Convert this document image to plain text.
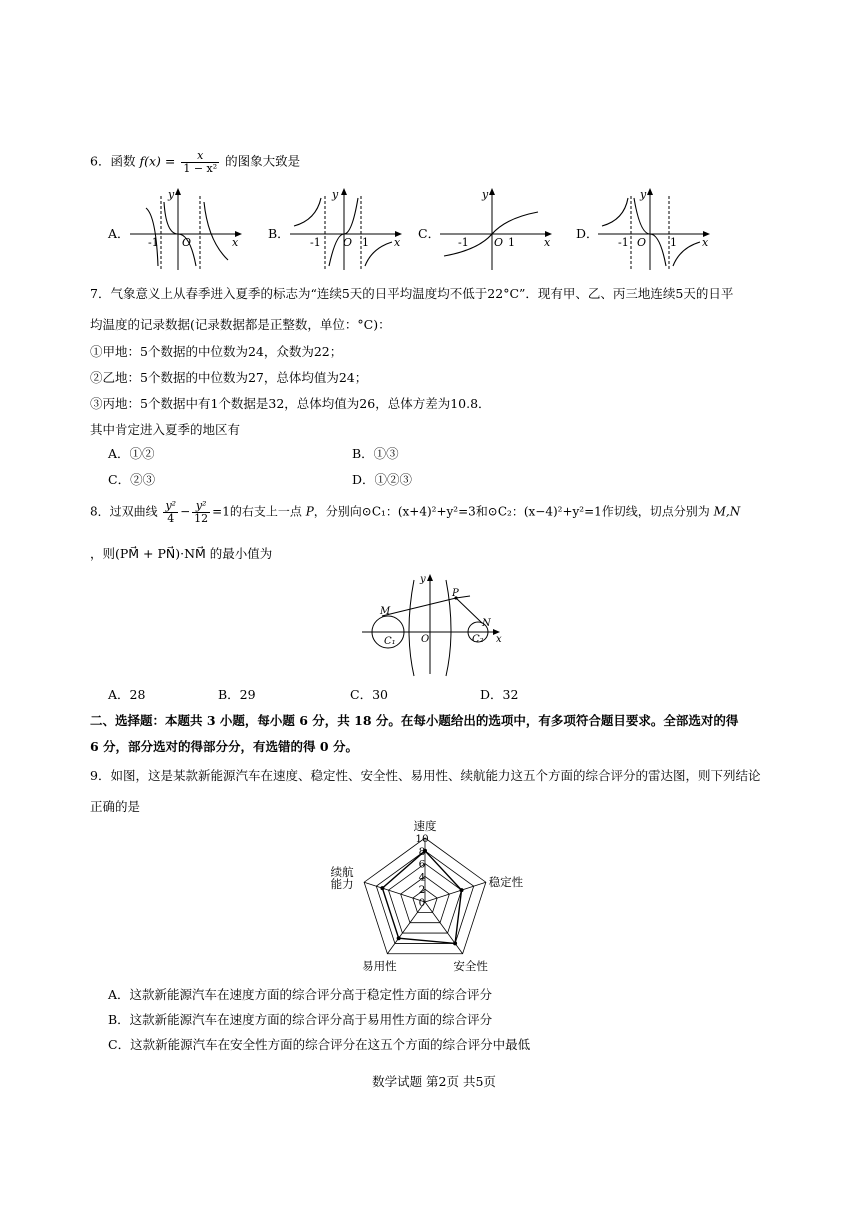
6．函数 $f(x) = \frac{x}{\text{1 − x²}}$ 的图象大致是
A．
-1 O	x
y
B．
-1 O 1 x
y
C．
-1 O 1	x
y
D．
-1 O 1 x
y
7．气象意义上从春季进入夏季的标志为“连续5天的日平均温度均不低于22°C”．现有甲、乙、丙三地连续5天的日平
均温度的记录数据(记录数据都是正整数，单位：°C)：
①甲地：5个数据的中位数为24，众数为22；
②乙地：5个数据的中位数为27，总体均值为24；
③丙地：5个数据中有1个数据是32，总体均值为26，总体方差为10.8．
其中肯定进入夏季的地区有
A．①②	B．①③
C．②③	D．①②③
8．过双曲线 $\frac{\text{y²}}{4} - \frac{\text{y²}}{12} =1$的右支上一点 P，分别向⊙C₁：(x+4)²+y²=3和⊙C₂：(x−4)²+y²=1作切线，切点分别为 M,N
，则(PM⃗ + PN⃗)·NM⃗ 的最小值为
y
x
P
M
N
O
C₁	C₂
A．28	B．29	C．30	D．32
二、选择题：本题共 3 小题，每小题 6 分，共 18 分。在每小题给出的选项中，有多项符合题目要求。全部选对的得
6 分，部分选对的得部分分，有选错的得 0 分。
9．如图，这是某款新能源汽车在速度、稳定性、安全性、易用性、续航能力这五个方面的综合评分的雷达图，则下列结论
正确的是
0
2
4
6
8
10
速度
稳定性
安全性
易用性
续航
能力
A．这款新能源汽车在速度方面的综合评分高于稳定性方面的综合评分
B．这款新能源汽车在速度方面的综合评分高于易用性方面的综合评分
C．这款新能源汽车在安全性方面的综合评分在这五个方面的综合评分中最低
数学试题 第2页 共5页
